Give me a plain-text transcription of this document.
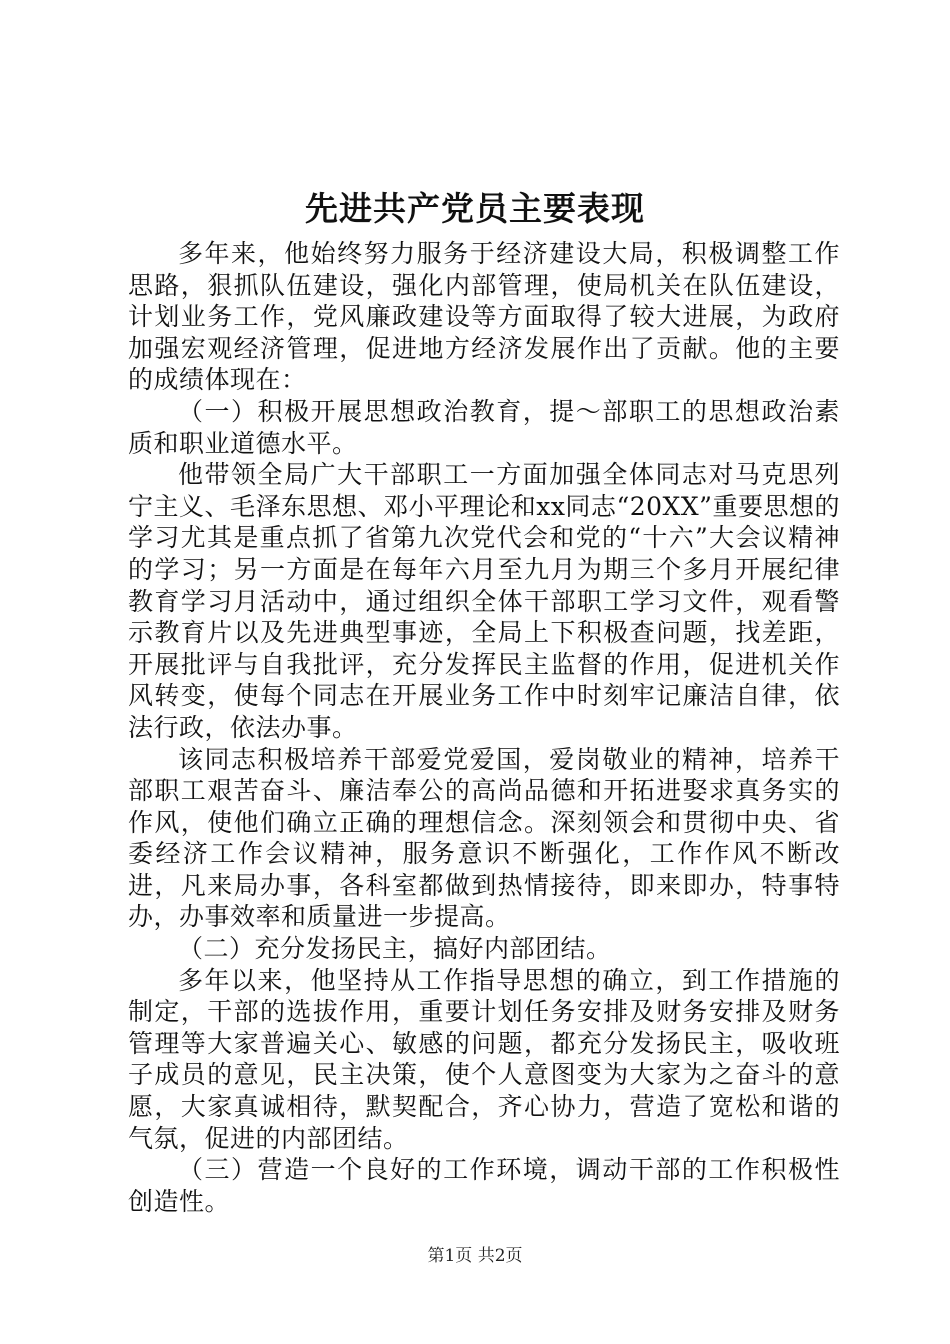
先进共产党员主要表现

多年来，他始终努力服务于经济建设大局，积极调整工作思路，狠抓队伍建设，强化内部管理，使局机关在队伍建设，计划业务工作，党风廉政建设等方面取得了较大进展，为政府加强宏观经济管理，促进地方经济发展作出了贡献。他的主要的成绩体现在：

（一）积极开展思想政治教育，提～部职工的思想政治素质和职业道德水平。

他带领全局广大干部职工一方面加强全体同志对马克思列宁主义、毛泽东思想、邓小平理论和xx同志“20XX”重要思想的学习尤其是重点抓了省第九次党代会和党的“十六”大会议精神的学习；另一方面是在每年六月至九月为期三个多月开展纪律教育学习月活动中，通过组织全体干部职工学习文件，观看警示教育片以及先进典型事迹，全局上下积极查问题，找差距，开展批评与自我批评，充分发挥民主监督的作用，促进机关作风转变，使每个同志在开展业务工作中时刻牢记廉洁自律，依法行政，依法办事。

该同志积极培养干部爱党爱国，爱岗敬业的精神，培养干部职工艰苦奋斗、廉洁奉公的高尚品德和开拓进娶求真务实的作风，使他们确立正确的理想信念。深刻领会和贯彻中央、省委经济工作会议精神，服务意识不断强化，工作作风不断改进，凡来局办事，各科室都做到热情接待，即来即办，特事特办，办事效率和质量进一步提高。

（二）充分发扬民主，搞好内部团结。

多年以来，他坚持从工作指导思想的确立，到工作措施的制定，干部的选拔作用，重要计划任务安排及财务安排及财务管理等大家普遍关心、敏感的问题，都充分发扬民主，吸收班子成员的意见，民主决策，使个人意图变为大家为之奋斗的意愿，大家真诚相待，默契配合，齐心协力，营造了宽松和谐的气氛，促进的内部团结。

（三）营造一个良好的工作环境，调动干部的工作积极性创造性。

第1页 共2页
